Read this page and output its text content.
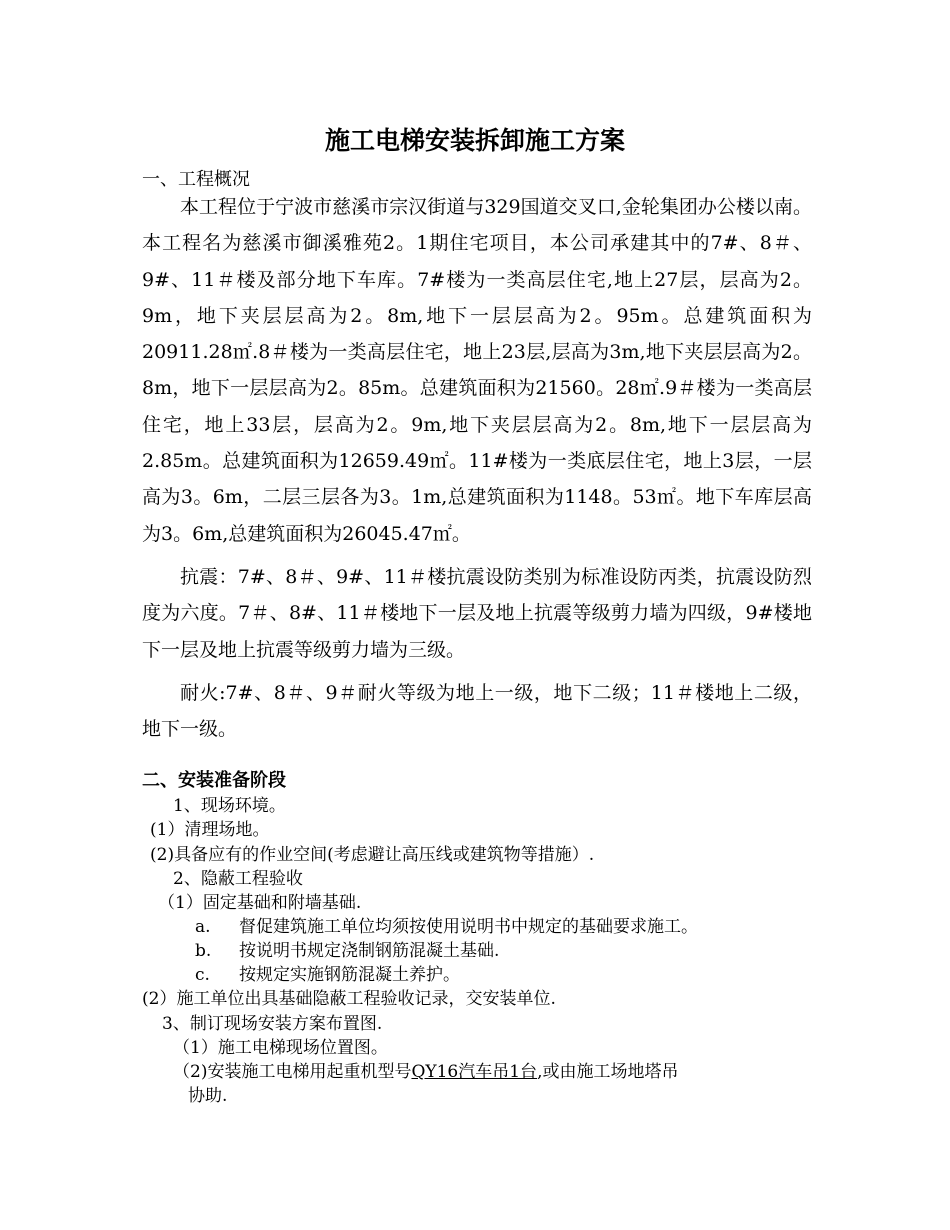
施工电梯安装拆卸施工方案
一、工程概况

本工程位于宁波市慈溪市宗汉街道与329国道交叉口,金轮集团办公楼以南。本工程名为慈溪市御溪雅苑2。1期住宅项目，本公司承建其中的7#、8＃、9#、11＃楼及部分地下车库。7#楼为一类高层住宅,地上27层，层高为2。9m，地下夹层层高为2。8m,地下一层层高为2。95m。总建筑面积为20911.28㎡.8＃楼为一类高层住宅，地上23层,层高为3m,地下夹层层高为2。8m，地下一层层高为2。85m。总建筑面积为21560。28㎡.9＃楼为一类高层住宅，地上33层，层高为2。9m,地下夹层层高为2。8m,地下一层层高为2.85m。总建筑面积为12659.49㎡。11#楼为一类底层住宅，地上3层，一层高为3。6m，二层三层各为3。1m,总建筑面积为1148。53㎡。地下车库层高为3。6m,总建筑面积为26045.47㎡。

抗震：7#、8＃、9#、11＃楼抗震设防类别为标准设防丙类，抗震设防烈度为六度。7＃、8#、11＃楼地下一层及地上抗震等级剪力墙为四级，9#楼地下一层及地上抗震等级剪力墙为三级。

耐火:7#、8＃、9＃耐火等级为地上一级，地下二级；11＃楼地上二级，地下一级。

二、安装准备阶段
1、现场环境。
(1）清理场地。
(2)具备应有的作业空间(考虑避让高压线或建筑物等措施）.
2、隐蔽工程验收
（1）固定基础和附墙基础.
a. 督促建筑施工单位均须按使用说明书中规定的基础要求施工。
b. 按说明书规定浇制钢筋混凝土基础.
c. 按规定实施钢筋混凝土养护。
(2）施工单位出具基础隐蔽工程验收记录，交安装单位.
3、制订现场安装方案布置图.
（1）施工电梯现场位置图。
（2)安装施工电梯用起重机型号QY16汽车吊1台,或由施工场地塔吊
协助.
